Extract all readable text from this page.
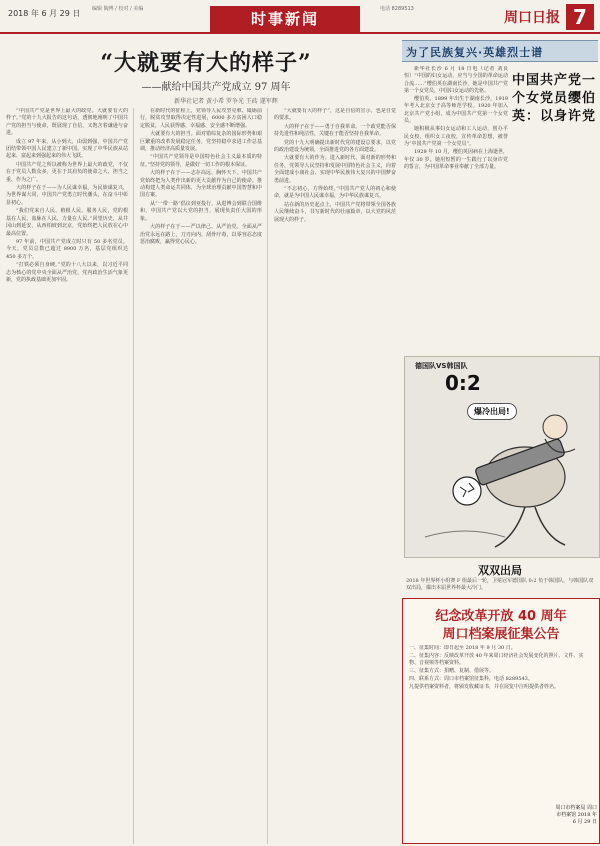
2018 年 6 月 29 日 编辑 陶博 / 校对 / 美编
时事新闻
电话 8289513
周口日报 7
“大就要有大的样子”
——献给中国共产党成立 97 周年
新华社记者 黄小希 罗争光 王砖 遂军辉

“中国共产党是世界上最大的政党。大就要有大的样子。”党的十九大报告的这句话，透彻地阐明了中国共产党的担当与使命，既展现了自信，又饱含着谦逊与奋进。

成立 97 年来，从小到大，由弱到强，中国共产党团结带领中国人民建立了新中国，实现了中华民族从站起来、富起来到强起来的伟大飞跃。

中国共产党之所以被称为世界上最大的政党，不仅在于党员人数众多，更在于其肩负的使命之大、担当之重、作为之广。

大的样子在于——为人民谋幸福，为民族谋复兴，为世界谋大同，中国共产党勇立时代潮头，在奋斗中彰显初心。

“我们党来自人民、植根人民、服务人民，党的根基在人民、血脉在人民、力量在人民。”回望历史，从井冈山到延安，从西柏坡到北京，党始终把人民放在心中最高位置。

97 年前，中国共产党成立时只有 50 多名党员。今天，党员总数已超过 8900 万名，基层党组织达 450 多万个。

“打铁必须自身硬。”党的十八大以来，以习近平同志为核心的党中央全面从严治党，党内政治生活气象更新，党的执政基础更加牢固。

在新时代的征程上，党领导人民攻坚克难、砥砺前行，脱贫攻坚取得决定性进展，6000 多万贫困人口稳定脱贫，人民获得感、幸福感、安全感不断增强。

大就要有大的担当。面对错综复杂的国际形势和艰巨繁重的改革发展稳定任务，党坚持稳中求进工作总基调，推动经济高质量发展。

“中国共产党领导是中国特色社会主义最本质的特征。”坚持党的领导，是做好一切工作的根本保证。

大的样子在于——志存高远、胸怀天下。中国共产党始终把为人类作出新的更大贡献作为自己的使命。推动构建人类命运共同体，为全球治理贡献中国智慧和中国方案。

从“一带一路”倡议到亚投行，从进博会到联合国维和，中国共产党以大党的担当，展现负责任大国的形象。

大的样子在于——严以律己、从严治党。全面从严治党永远在路上，刀刃向内、刮骨疗毒，以零容忍态度惩治腐败，赢得党心民心。

“大就要有大的样子”，这是自信的宣示，也是自觉的要求。

大的样子在于——勇于自我革命。一个政党能否保持先进性和纯洁性，关键在于能否坚持自我革命。

党的十九大明确提出新时代党的建设总要求，以党的政治建设为统领，全面推进党的各方面建设。

大就要有大的作为。进入新时代，面对新的形势和任务，党领导人民坚持和发展中国特色社会主义，向着全面建成小康社会、实现中华民族伟大复兴的中国梦奋勇前进。

“不忘初心，方得始终。”中国共产党人的初心和使命，就是为中国人民谋幸福，为中华民族谋复兴。

站在新的历史起点上，中国共产党将带领全国各族人民继续奋斗，书写新时代的壮丽篇章，以大党的风范展现大的样子。

为了民族复兴·英雄烈士谱

新华社长沙 6 月 18 日电（记者 刘良恒）“中国的妇女运动，应当与全国的革命运动合流……”缨伯英在湖南长沙，她是中国共产党第一个女党员，中国妇女运动的先驱。

缨伯英，1899 年出生于湖南长沙，1919 年考入北京女子高等师范学校。1920 年加入北京共产党小组，成为中国共产党第一个女党员。

她积极从事妇女运动和工人运动，创办平民女校，组织女工夜校，宣传革命思想，被誉为“中国共产党第一个女党员”。

1929 年 10 月，缨伯英因病在上海逝世，年仅 30 岁。她用短暂的一生践行了以身许党的誓言，为中国革命事业奉献了全部力量。

中国共产党一个女党员缨伯英：以身许党
德国队VS韩国队
0:2
爆冷出局!
双双出局
2018 年世界杯小组赛 F 组最后一轮，卫冕冠军德国队 0:2 负于韩国队，与韩国队双双出局，爆出本届世界杯最大冷门。
纪念改革开放 40 周年
周口档案展征集公告

一、征集时间：即日起至 2018 年 9 月 30 日。

二、征集内容：反映改革开放 40 年来周口经济社会发展变化的照片、文件、实物、音视频等档案资料。

三、征集方式：捐赠、复制、借展等。

四、联系方式：周口市档案馆征集科，电话 8289543。

凡提供档案资料者，将颁发收藏证书，并在展览中注明提供者姓名。

周口市档案局 周口市档案馆 2018 年 6 月 29 日
